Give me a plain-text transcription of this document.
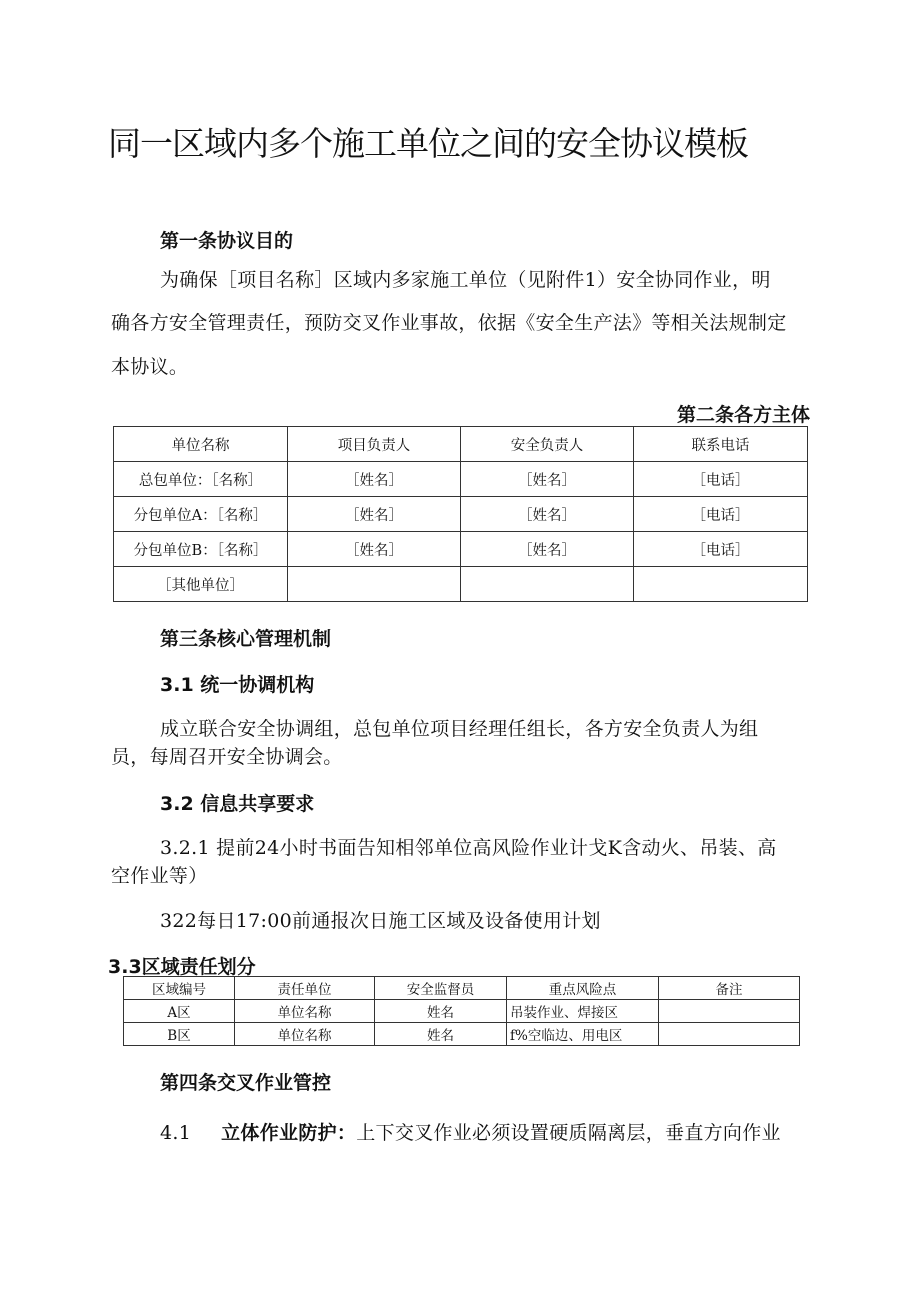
同一区域内多个施工单位之间的安全协议模板
第一条协议目的
为确保［项目名称］区域内多家施工单位（见附件1）安全协同作业，明
确各方安全管理责任，预防交叉作业事故，依据《安全生产法》等相关法规制定
本协议。
第二条各方主体
单位名称	项目负责人	安全负责人	联系电话
总包单位：［名称］	［姓名］	［姓名］	［电话］
分包单位A：［名称］	［姓名］	［姓名］	［电话］
分包单位B：［名称］	［姓名］	［姓名］	［电话］
［其他单位］			
第三条核心管理机制
3.1 统一协调机构
成立联合安全协调组，总包单位项目经理任组长，各方安全负责人为组
员，每周召开安全协调会。
3.2 信息共享要求
3.2.1 提前24小时书面告知相邻单位高风险作业计戈K含动火、吊装、高
空作业等）
322每日17:00前通报次日施工区域及设备使用计划
3.3区域责任划分
区域编号	责任单位	安全监督员	重点风险点	备注
A区	单位名称	姓名	吊装作业、焊接区	
B区	单位名称	姓名	f%空临边、用电区	
第四条交叉作业管控
4.1 立体作业防护：上下交叉作业必须设置硬质隔离层，垂直方向作业
